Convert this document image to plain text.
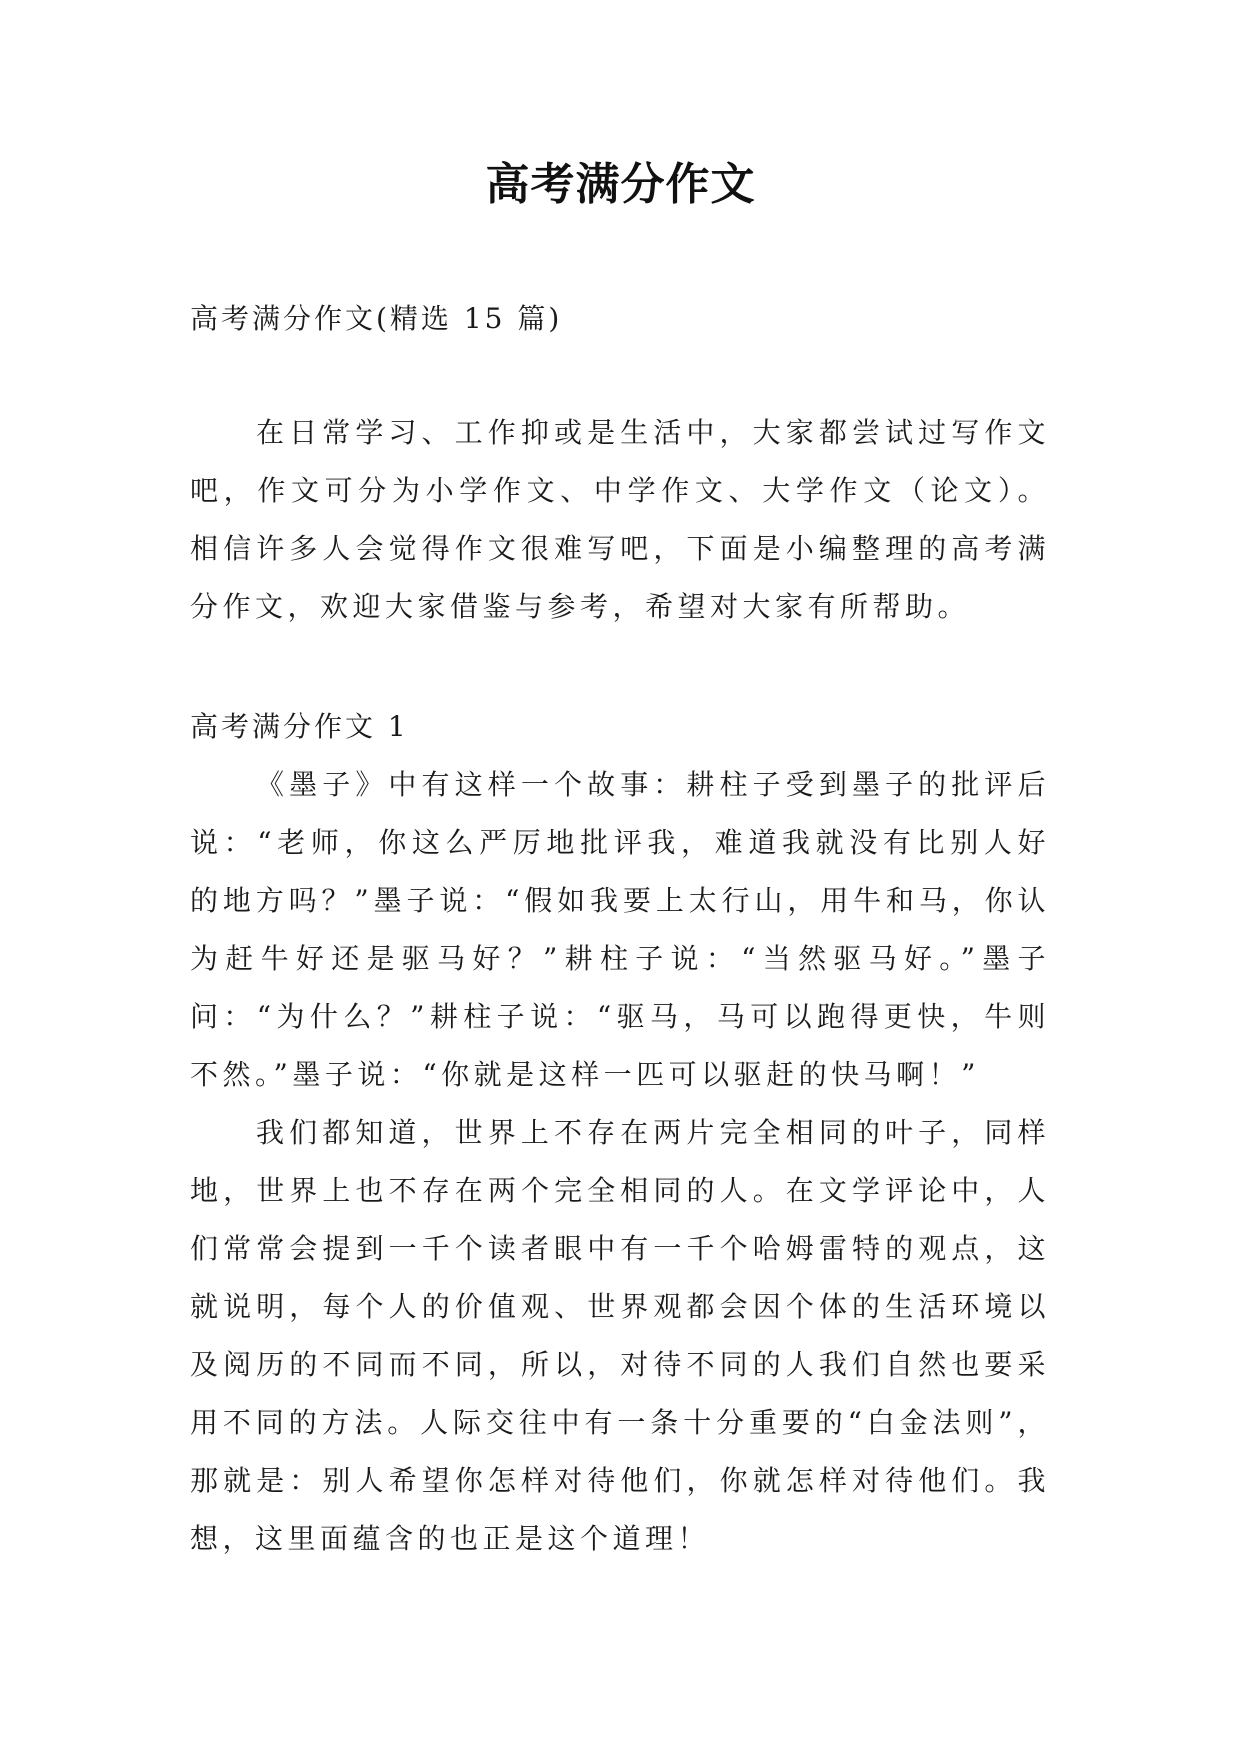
高考满分作文

高考满分作文(精选 15 篇)

在日常学习、工作抑或是生活中，大家都尝试过写作文吧，作文可分为小学作文、中学作文、大学作文（论文）。相信许多人会觉得作文很难写吧，下面是小编整理的高考满分作文，欢迎大家借鉴与参考，希望对大家有所帮助。

高考满分作文 1

《墨子》中有这样一个故事：耕柱子受到墨子的批评后说：“老师，你这么严厉地批评我，难道我就没有比别人好的地方吗？”墨子说：“假如我要上太行山，用牛和马，你认为赶牛好还是驱马好？”耕柱子说：“当然驱马好。”墨子问：“为什么？”耕柱子说：“驱马，马可以跑得更快，牛则不然。”墨子说：“你就是这样一匹可以驱赶的快马啊！”

我们都知道，世界上不存在两片完全相同的叶子，同样地，世界上也不存在两个完全相同的人。在文学评论中，人们常常会提到一千个读者眼中有一千个哈姆雷特的观点，这就说明，每个人的价值观、世界观都会因个体的生活环境以及阅历的不同而不同，所以，对待不同的人我们自然也要采用不同的方法。人际交往中有一条十分重要的“白金法则”，那就是：别人希望你怎样对待他们，你就怎样对待他们。我想，这里面蕴含的也正是这个道理！
